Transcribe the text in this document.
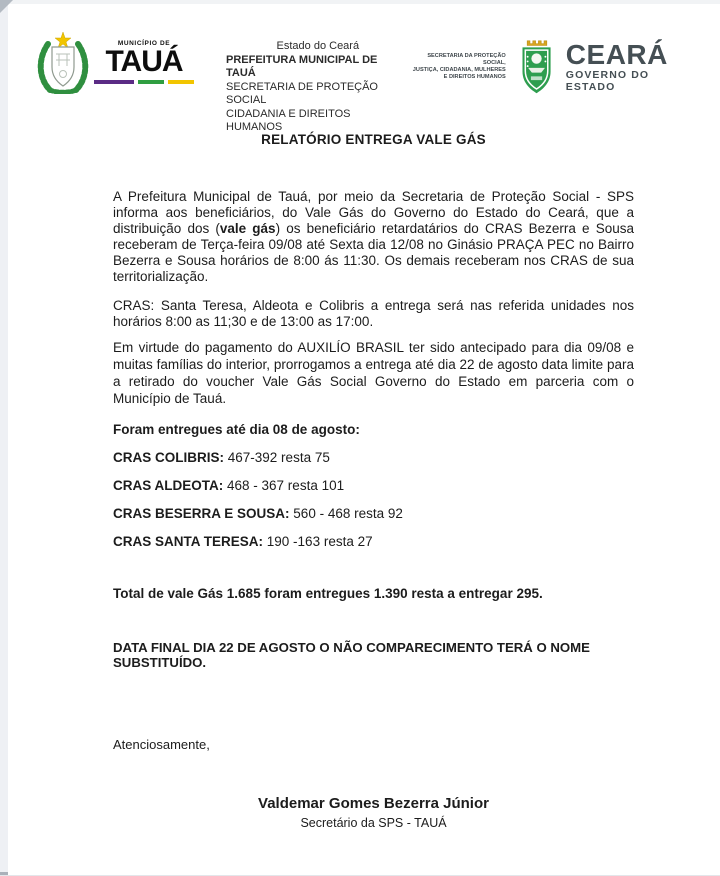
MUNICÍPIO DE
TAUÁ	Estado do Ceará
PREFEITURA MUNICIPAL DE TAUÁ
SECRETARIA DE PROTEÇÃO SOCIAL
CIDADANIA E DIREITOS HUMANOS
SECRETARIA DA PROTEÇÃO SOCIAL,
JUSTIÇA, CIDADANIA, MULHERES
E DIREITOS HUMANOS
CEARÁ
GOVERNO DO ESTADO
RELATÓRIO ENTREGA VALE GÁS

A Prefeitura Municipal de Tauá, por meio da Secretaria de Proteção Social - SPS informa aos beneficiários, do Vale Gás do Governo do Estado do Ceará, que a distribuição dos (vale gás) os beneficiário retardatários do CRAS Bezerra e Sousa receberam de Terça-feira 09/08 até Sexta dia 12/08 no Ginásio PRAÇA PEC no Bairro Bezerra e Sousa horários de 8:00 ás 11:30. Os demais receberam nos CRAS de sua territorialização.

CRAS: Santa Teresa, Aldeota e Colibris a entrega será nas referida unidades nos horários 8:00 as 11;30 e de 13:00 as 17:00.

Em virtude do pagamento do AUXILÍO BRASIL ter sido antecipado para dia 09/08 e muitas famílias do interior, prorrogamos a entrega até dia 22 de agosto data limite para a retirado do voucher Vale Gás Social Governo do Estado em parceria com o Município de Tauá.

Foram entregues até dia 08 de agosto:

CRAS COLIBRIS: 467-392 resta 75

CRAS ALDEOTA: 468 - 367 resta 101

CRAS BESERRA E SOUSA: 560 - 468 resta 92

CRAS SANTA TERESA: 190 -163 resta 27

Total de vale Gás 1.685 foram entregues 1.390 resta a entregar 295.

DATA FINAL DIA 22 DE AGOSTO O NÃO COMPARECIMENTO TERÁ O NOME SUBSTITUÍDO.

Atenciosamente,

Valdemar Gomes Bezerra Júnior
Secretário da SPS - TAUÁ
